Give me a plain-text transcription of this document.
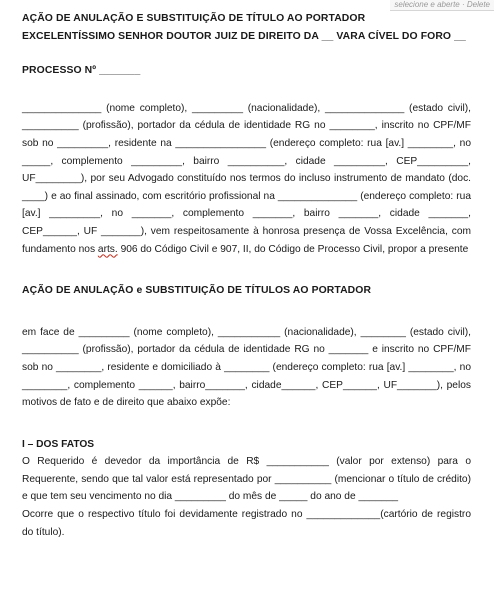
selecione e aberte · Delete

AÇÃO DE ANULAÇÃO E SUBSTITUIÇÃO DE TÍTULO AO PORTADOR

EXCELENTÍSSIMO SENHOR DOUTOR JUIZ DE DIREITO DA __ VARA CÍVEL DO FORO __

PROCESSO Nº _______

______________ (nome completo), _________ (nacionalidade), ______________ (estado civil), __________ (profissão), portador da cédula de identidade RG no ________, inscrito no CPF/MF sob no _________, residente na ________________ (endereço completo: rua [av.] ________, no _____, complemento _________, bairro __________, cidade _________, CEP_________, UF________), por seu Advogado constituído nos termos do incluso instrumento de mandato (doc. ____) e ao final assinado, com escritório profissional na ______________ (endereço completo: rua [av.] _________, no _______, complemento _______, bairro _______, cidade _______, CEP______, UF _______), vem respeitosamente à honrosa presença de Vossa Excelência, com fundamento nos arts. 906 do Código Civil e 907, II, do Código de Processo Civil, propor a presente

AÇÃO DE ANULAÇÃO e SUBSTITUIÇÃO DE TÍTULOS AO PORTADOR

em face de _________ (nome completo), ___________ (nacionalidade), ________ (estado civil), __________ (profissão), portador da cédula de identidade RG no _______ e inscrito no CPF/MF sob no ________, residente e domiciliado à ________ (endereço completo: rua [av.] ________, no ________, complemento ______, bairro_______, cidade______, CEP______, UF_______), pelos motivos de fato e de direito que abaixo expõe:

I – DOS FATOS

O Requerido é devedor da importância de R$ ___________ (valor por extenso) para o Requerente, sendo que tal valor está representado por __________ (mencionar o título de crédito) e que tem seu vencimento no dia _________ do mês de _____ do ano de _______

Ocorre que o respectivo título foi devidamente registrado no _____________(cartório de registro do título).
